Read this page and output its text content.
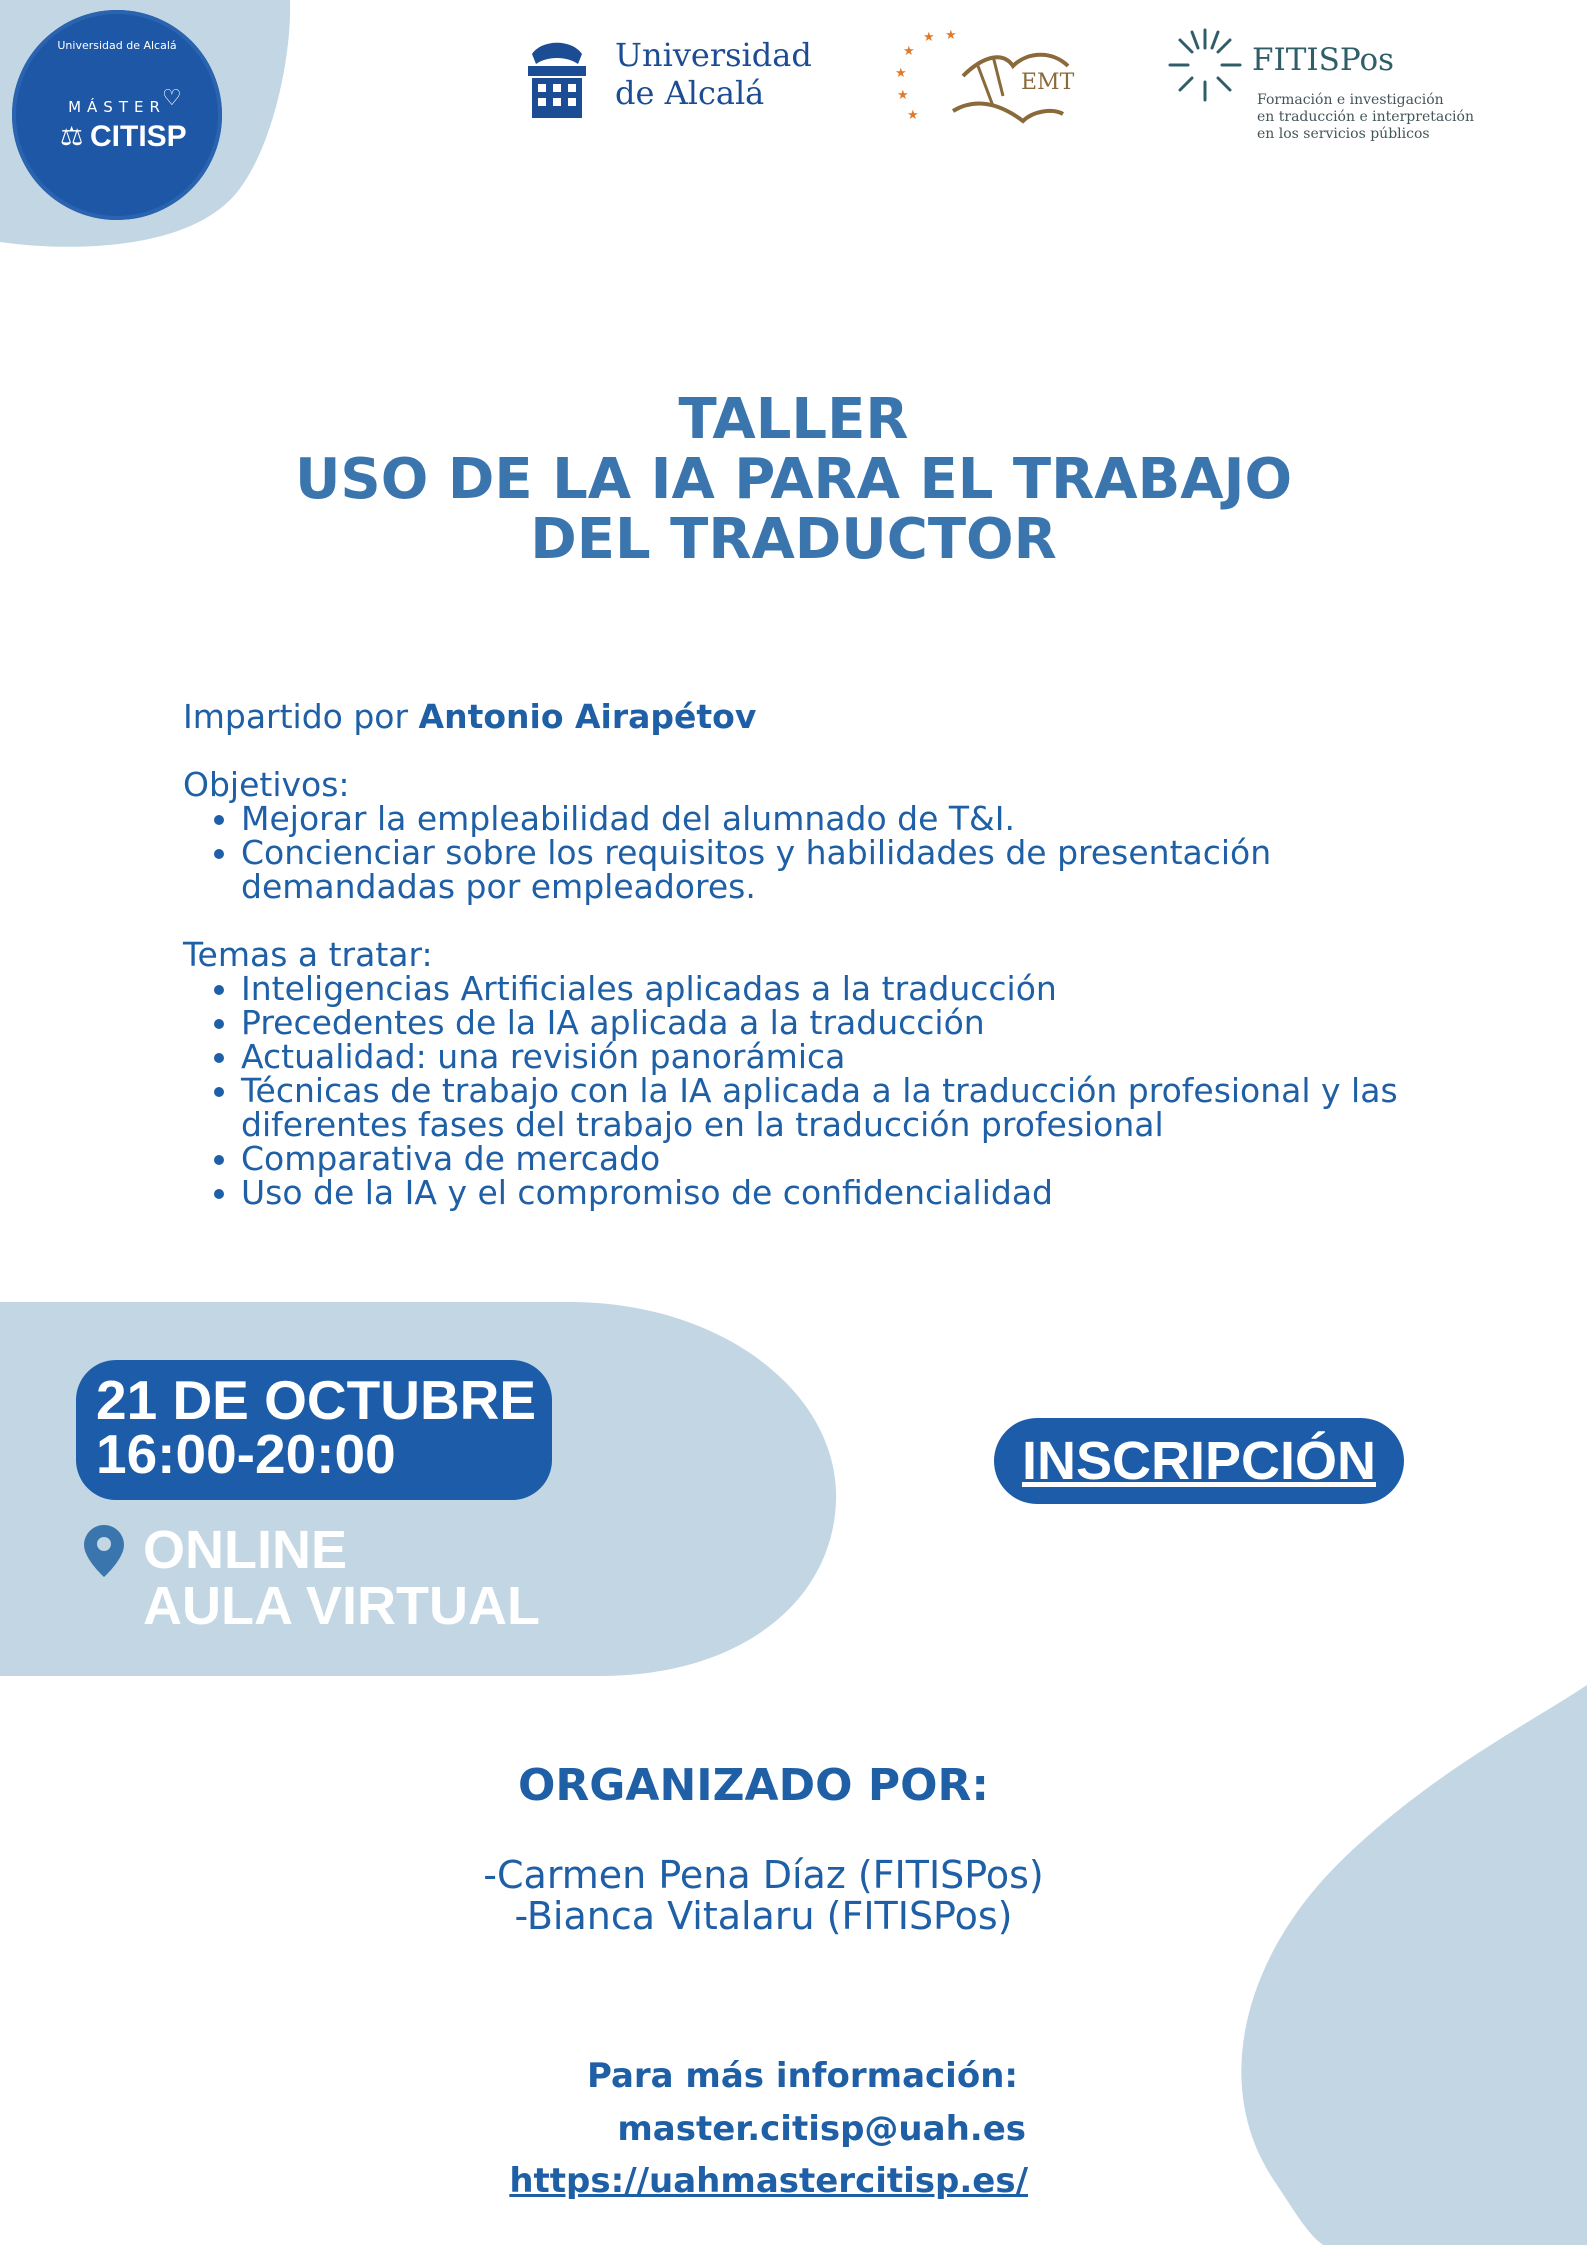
Universidad de Alcalá
MÁSTER
♡
⚖ CITISP
Universidad
de Alcalá
★
★
★
★
★
★
EMT
FITISPos
Formación e investigación
en traducción e interpretación
en los servicios públicos
TALLER
USO DE LA IA PARA EL TRABAJO
DEL TRADUCTOR
Impartido por Antonio Airapétov
Objetivos:
• Mejorar la empleabilidad del alumnado de T&I.
• Concienciar sobre los requisitos y habilidades de presentación demandadas por empleadores.
Temas a tratar:
• Inteligencias Artificiales aplicadas a la traducción
• Precedentes de la IA aplicada a la traducción
• Actualidad: una revisión panorámica
• Técnicas de trabajo con la IA aplicada a la traducción profesional y las diferentes fases del trabajo en la traducción profesional
• Comparativa de mercado
• Uso de la IA y el compromiso de confidencialidad
21 DE OCTUBRE
16:00-20:00
ONLINE
AULA VIRTUAL
INSCRIPCIÓN
ORGANIZADO POR:
-Carmen Pena Díaz (FITISPos)
-Bianca Vitalaru (FITISPos)
Para más información:
master.citisp@uah.es
https://uahmastercitisp.es/
